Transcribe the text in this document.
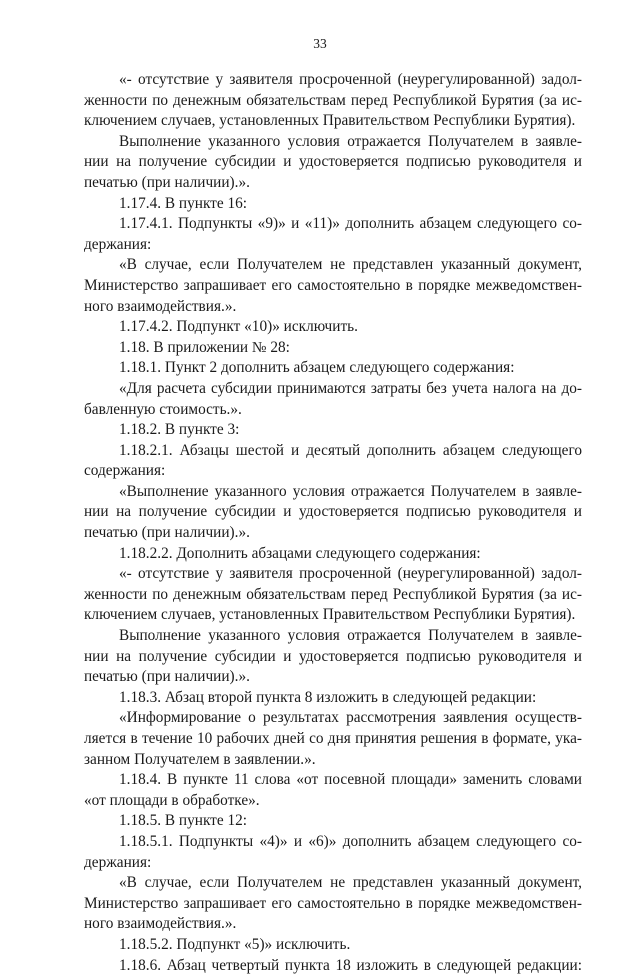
33
«- отсутствие у заявителя просроченной (неурегулированной) задол-
женности по денежным обязательствам перед Республикой Бурятия (за ис-
ключением случаев, установленных Правительством Республики Бурятия).
Выполнение указанного условия отражается Получателем в заявле-
нии на получение субсидии и удостоверяется подписью руководителя и
печатью (при наличии).».
1.17.4. В пункте 16:
1.17.4.1. Подпункты «9)» и «11)» дополнить абзацем следующего со-
держания:
«В случае, если Получателем не представлен указанный документ,
Министерство запрашивает его самостоятельно в порядке межведомствен-
ного взаимодействия.».
1.17.4.2. Подпункт «10)» исключить.
1.18. В приложении № 28:
1.18.1. Пункт 2 дополнить абзацем следующего содержания:
«Для расчета субсидии принимаются затраты без учета налога на до-
бавленную стоимость.».
1.18.2. В пункте 3:
1.18.2.1. Абзацы шестой и десятый дополнить абзацем следующего
содержания:
«Выполнение указанного условия отражается Получателем в заявле-
нии на получение субсидии и удостоверяется подписью руководителя и
печатью (при наличии).».
1.18.2.2. Дополнить абзацами следующего содержания:
«- отсутствие у заявителя просроченной (неурегулированной) задол-
женности по денежным обязательствам перед Республикой Бурятия (за ис-
ключением случаев, установленных Правительством Республики Бурятия).
Выполнение указанного условия отражается Получателем в заявле-
нии на получение субсидии и удостоверяется подписью руководителя и
печатью (при наличии).».
1.18.3. Абзац второй пункта 8 изложить в следующей редакции:
«Информирование о результатах рассмотрения заявления осуществ-
ляется в течение 10 рабочих дней со дня принятия решения в формате, ука-
занном Получателем в заявлении.».
1.18.4. В пункте 11 слова «от посевной площади» заменить словами
«от площади в обработке».
1.18.5. В пункте 12:
1.18.5.1. Подпункты «4)» и «6)» дополнить абзацем следующего со-
держания:
«В случае, если Получателем не представлен указанный документ,
Министерство запрашивает его самостоятельно в порядке межведомствен-
ного взаимодействия.».
1.18.5.2. Подпункт «5)» исключить.
1.18.6. Абзац четвертый пункта 18 изложить в следующей редакции:
